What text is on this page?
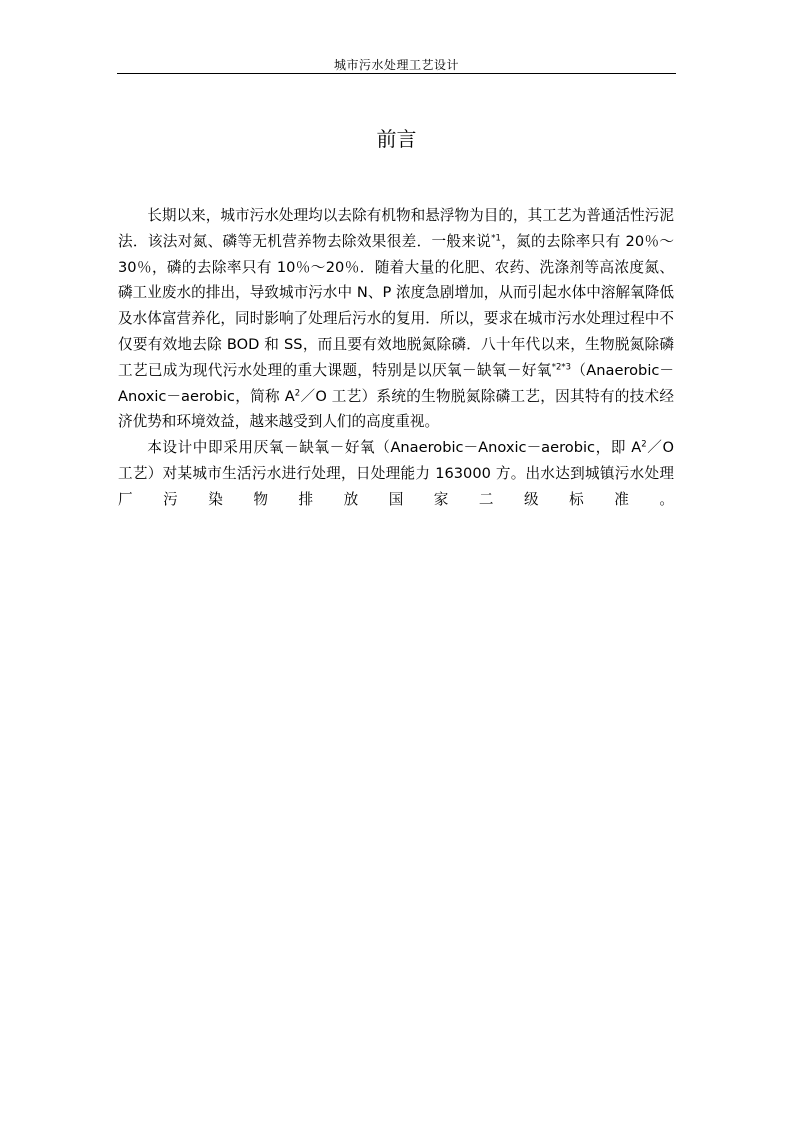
城市污水处理工艺设计
前言

长期以来，城市污水处理均以去除有机物和悬浮物为目的，其工艺为普通活性污泥法．该法对氮、磷等无机营养物去除效果很差．一般来说$^{*1}$，氮的去除率只有 20％～30％，磷的去除率只有 10％～20％．随着大量的化肥、农药、洗涤剂等高浓度氮、磷工业废水的排出，导致城市污水中 N、P 浓度急剧增加，从而引起水体中溶解氧降低及水体富营养化，同时影响了处理后污水的复用．所以，要求在城市污水处理过程中不仅要有效地去除 BOD 和 SS，而且要有效地脱氮除磷．八十年代以来，生物脱氮除磷工艺已成为现代污水处理的重大课题，特别是以厌氧－缺氧－好氧$^{*2*3}$（Anaerobic－Anoxic－aerobic，简称 $A^2/O$ 工艺）系统的生物脱氮除磷工艺，因其特有的技术经济优势和环境效益，越来越受到人们的高度重视。

本设计中即采用厌氧－缺氧－好氧（Anaerobic－Anoxic－aerobic，即 $A^2/O$ 工艺）对某城市生活污水进行处理，日处理能力 163000 方。出水达到城镇污水处理厂污染物排放国家二级标准。
